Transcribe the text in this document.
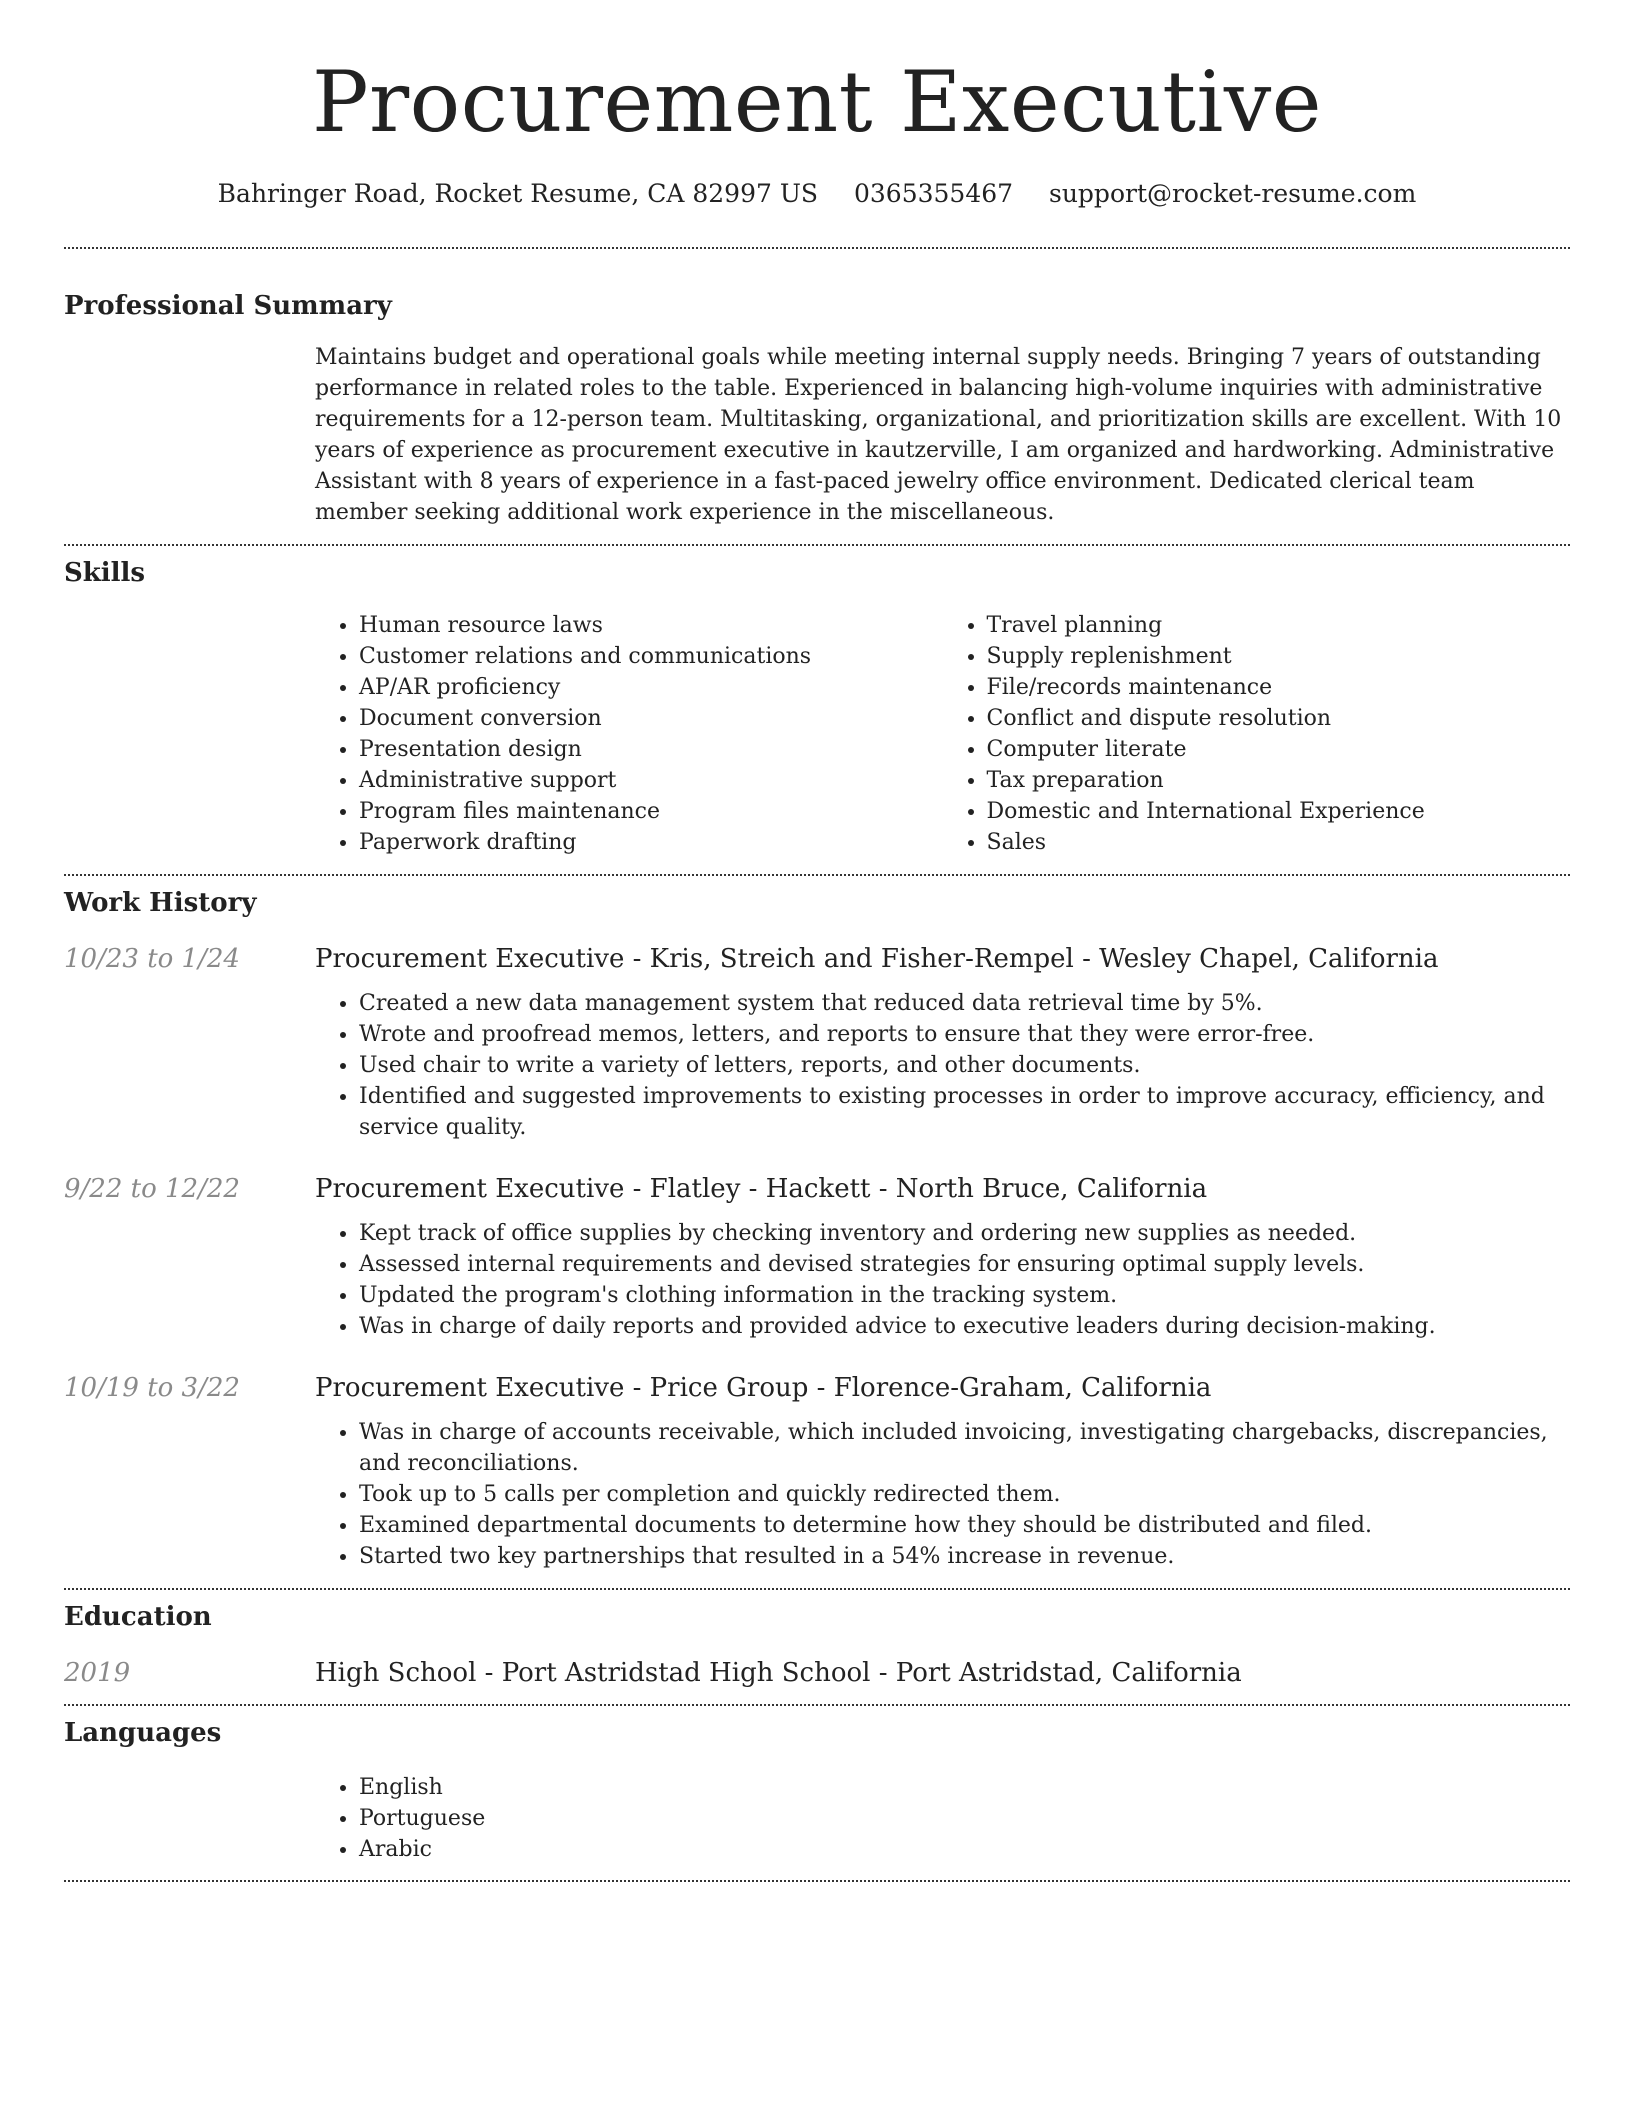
Procurement Executive
Bahringer Road, Rocket Resume, CA 82997 US 0365355467 support@rocket-resume.com
Professional Summary

Maintains budget and operational goals while meeting internal supply needs. Bringing 7 years of outstanding performance in related roles to the table. Experienced in balancing high-volume inquiries with administrative requirements for a 12-person team. Multitasking, organizational, and prioritization skills are excellent. With 10 years of experience as procurement executive in kautzerville, I am organized and hardworking. Administrative Assistant with 8 years of experience in a fast-paced jewelry office environment. Dedicated clerical team member seeking additional work experience in the miscellaneous.

Skills
• Human resource laws
• Customer relations and communications
• AP/AR proficiency
• Document conversion
• Presentation design
• Administrative support
• Program files maintenance
• Paperwork drafting
• Travel planning
• Supply replenishment
• File/records maintenance
• Conflict and dispute resolution
• Computer literate
• Tax preparation
• Domestic and International Experience
• Sales
Work History
10/23 to 1/24	Procurement Executive - Kris, Streich and Fisher-Rempel - Wesley Chapel, California
• Created a new data management system that reduced data retrieval time by 5%.
• Wrote and proofread memos, letters, and reports to ensure that they were error-free.
• Used chair to write a variety of letters, reports, and other documents.
• Identified and suggested improvements to existing processes in order to improve accuracy, efficiency, and service quality.
9/22 to 12/22	Procurement Executive - Flatley - Hackett - North Bruce, California
• Kept track of office supplies by checking inventory and ordering new supplies as needed.
• Assessed internal requirements and devised strategies for ensuring optimal supply levels.
• Updated the program's clothing information in the tracking system.
• Was in charge of daily reports and provided advice to executive leaders during decision-making.
10/19 to 3/22	Procurement Executive - Price Group - Florence-Graham, California
• Was in charge of accounts receivable, which included invoicing, investigating chargebacks, discrepancies, and reconciliations.
• Took up to 5 calls per completion and quickly redirected them.
• Examined departmental documents to determine how they should be distributed and filed.
• Started two key partnerships that resulted in a 54% increase in revenue.
Education
2019	High School - Port Astridstad High School - Port Astridstad, California
Languages
• English
• Portuguese
• Arabic
